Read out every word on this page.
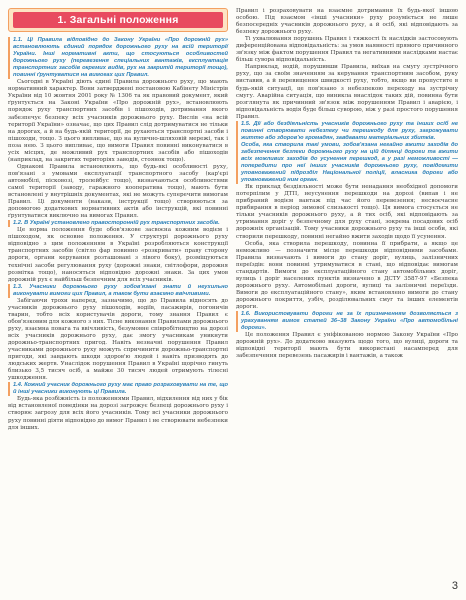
1. Загальні положення

1.1. Ці Правила відповідно до Закону України «Про дорожній рух» встановлюють єдиний порядок дорожнього руху на всій території України. Інші нормативні акти, що стосуються особливостей дорожнього руху (перевезення спеціальних вантажів, експлуатація транспортних засобів окремих видів, рух на закритій території тощо), повинні ґрунтуватися на вимогах цих Правил.

Сьогодні в Україні діють єдині Правила дорожнього руху, що мають нормативний характер. Вони затверджені постановою Кабінету Міністрів України від 10 жовтня 2001 року № 1306 та як правовий документ, який ґрунтується на Законі України «Про дорожній рух», встановлюють порядок руху транспортних засобів і пішоходів, дотримання якого забезпечує безпеку всіх учасників дорожнього руху. Вислів «на всій території України» означає, що цих Правил слід дотримуватися не тільки на дорогах, а й на будь-якій території, де рухаються транспортні засоби і пішоходи, тощо. З цього випливає, що на вулично-шляховій мережі, так і поза нею. З цього випливає, що вимоги Правил повинні виконуватися в усіх місцях, де можливий рух транспортних засобів або пішоходів (наприклад, на закритих територіях заводів, стоянок тощо).

Однакові Правила встановлюють, що будь-які особливості руху, пов'язані з умовами експлуатації транспортного засобу (кар'єрі автомобілі, пісковозі, тролейбус тощо), визначаються особливостями самої території (заводу, гаражного кооператива тощо), мають бути встановлені у внутрішніх документах, які не можуть суперечити вимогам Правил. Ці документи (накази, інструкції тощо) створюються за допомогою додаткових нормативних актів або інструкцій, які повинні ґрунтуватися виключно на вимогах Правил.

1.2. В Україні установлено правосторонній рух транспортних засобів.

Це норма положення буде обов'язкове засвоєна кожним водієм і пішоходом, як основне положення. У структурі дорожнього руху відповідно з цим положенням в Україні розробляються конструкції транспортних засобів (світло фар повинно «розкривати» праву сторону дороги, органи керування розташовані з лівого боку), розміщуються технічні засоби регулювання руху (дорожні знаки, світлофори, дорожня розмітка тощо), наносяться відповідно дорожні знаки. За цих умов дорожній рух є найбільш безпечним для всіх учасників.

1.3. Учасники дорожнього руху зобов'язані знати й неухильно виконувати вимоги цих Правил, а також бути взаємно ввічливими.

Забігаючи трохи наперед, зазначимо, що до Правила відносять до учасників дорожнього руху пішоходів, водіїв, пасажирів, погоничів тварин, тобто всіх користувачів дороги, тому знання Правил є обов'язковим для кожного з них. Тісне виконання Правилами дорожнього руху, взаємна повага та ввічливість, безумовне співробітництво на дорозі всіх учасників дорожнього руху, дає змогу учасникам уникнути дорожньо-транспортних пригод. Навіть незначні порушення Правил учасниками дорожнього руху можуть спричинити дорожньо-транспортні пригоди, які завдають шкоди здоров'ю людей і навіть призводять до людських жертв. Унаслідок порушення Правил в Україні щорічно гинуть близько 3,5 тисяч осіб, а майже 30 тисяч людей отримують тілесні ушкодження.

1.4. Кожний учасник дорожнього руху має право розраховувати на те, що й інші учасники виконують ці Правила.

Будь-яка розбіжність із положеннями Правил, відхилення від них у бік від встановленої поведінки на дорозі загрожує безпеці дорожнього руху і створює загрозу для всіх його учасників. Тому всі учасники дорожнього руху повинні діяти відповідно до вимог Правил і не створювати небезпеки для інших.

Правил і розраховувати на взаємне дотримання їх будь-якої іншою особою. Під взаємом «інші учасники» руху розуміється не лише безпосередніх учасників дорожнього руху, а й осіб, які відповідають за безпеку дорожнього руху.

Ті ухвалювання порушень Правил і тяжкості їх наслідків застосовують диференційована відповідальність: за умов наявності прямого причинного зв'язку між фактом порушення Правил та негативними наслідками настає більш сувора відповідальність.

Наприклад, водій, порушивши Правила, виїхав на смугу зустрічного руху, що за своїм значенням за керування транспортним засобом, руку виставив, а й перевищення швидкості руху, тобто, якщо ви пропустите в будь-якій ситуації, це пов'язано з небезпекою переходу на зустрічну смугу. Аварійна ситуація, що виникла внаслідок таких дій, повинна бути розглянута як причинний зв'язок між порушенням Правил і аварією, і відповідальність водія буде більш суворою, ніж у разі простого порушення Правил.

1.5. Дії або бездіяльність учасників дорожнього руху та інших осіб не повинні створювати небезпеку чи перешкоду для руху, загрожувати життю або здоров'ю громадян, завдавати матеріальних збитків.

Особа, яка створила такі умови, зобов'язана негайно вжити заходів до забезпечення безпеки дорожнього руху на цій ділянці дороги та вжити всіх можливих заходів до усунення перешкод, а у разі неможливості — попередити про неї інших учасників дорожнього руху, повідомити уповноважений підрозділ Національної поліції, власника дороги або уповноважений ним орган.

Як приклад бездіяльності може бути ненадання необхідної допомоги потерпілим у ДТП, неусунення перешкоди на дорозі (випав і не прибраний водієм вантаж під час його перевезення; несвоєчасне прибирання в період зимової слизькості тощо). Ця вимога стосується не тільки учасників дорожнього руху, а й тих осіб, які відповідають за утримання доріг у безпечному для руху стані, зокрема посадових осіб дорожніх організацій. Тому учасники дорожнього руху та інші особи, які створили перешкоду, повинні негайно вжити заходів щодо її усунення.

Особа, яка створила перешкоду, повинна її прибрати, а якщо це неможливо — позначити місце перешкоди відповідними засобами. Правила визначають і вимоги до стану доріг, вулиць, залізничних переїздів: вони повинні утримуватися в стані, що відповідає вимогам стандартів. Вимоги до експлуатаційного стану автомобільних доріг, вулиць і доріг населених пунктів визначено в ДСТУ 3587-97 «Безпека дорожнього руху. Автомобільні дороги, вулиці та залізничні переїзди. Вимоги до експлуатаційного стану», яким встановлено вимоги до стану дорожнього покриття, узбіч, розділювальних смуг та інших елементів дороги.

1.6. Використовувати дороги не за їх призначенням дозволяється з урахуванням вимог статей 36–38 Закону України «Про автомобільні дороги».

Це положення Правил є уніфікованою нормою Закону України «Про дорожній рух». До додатково вказують щодо того, що вулиці, дороги та відповідні території мають бути використані насамперед для забезпечення перевезень пасажирів і вантажів, а також

3
